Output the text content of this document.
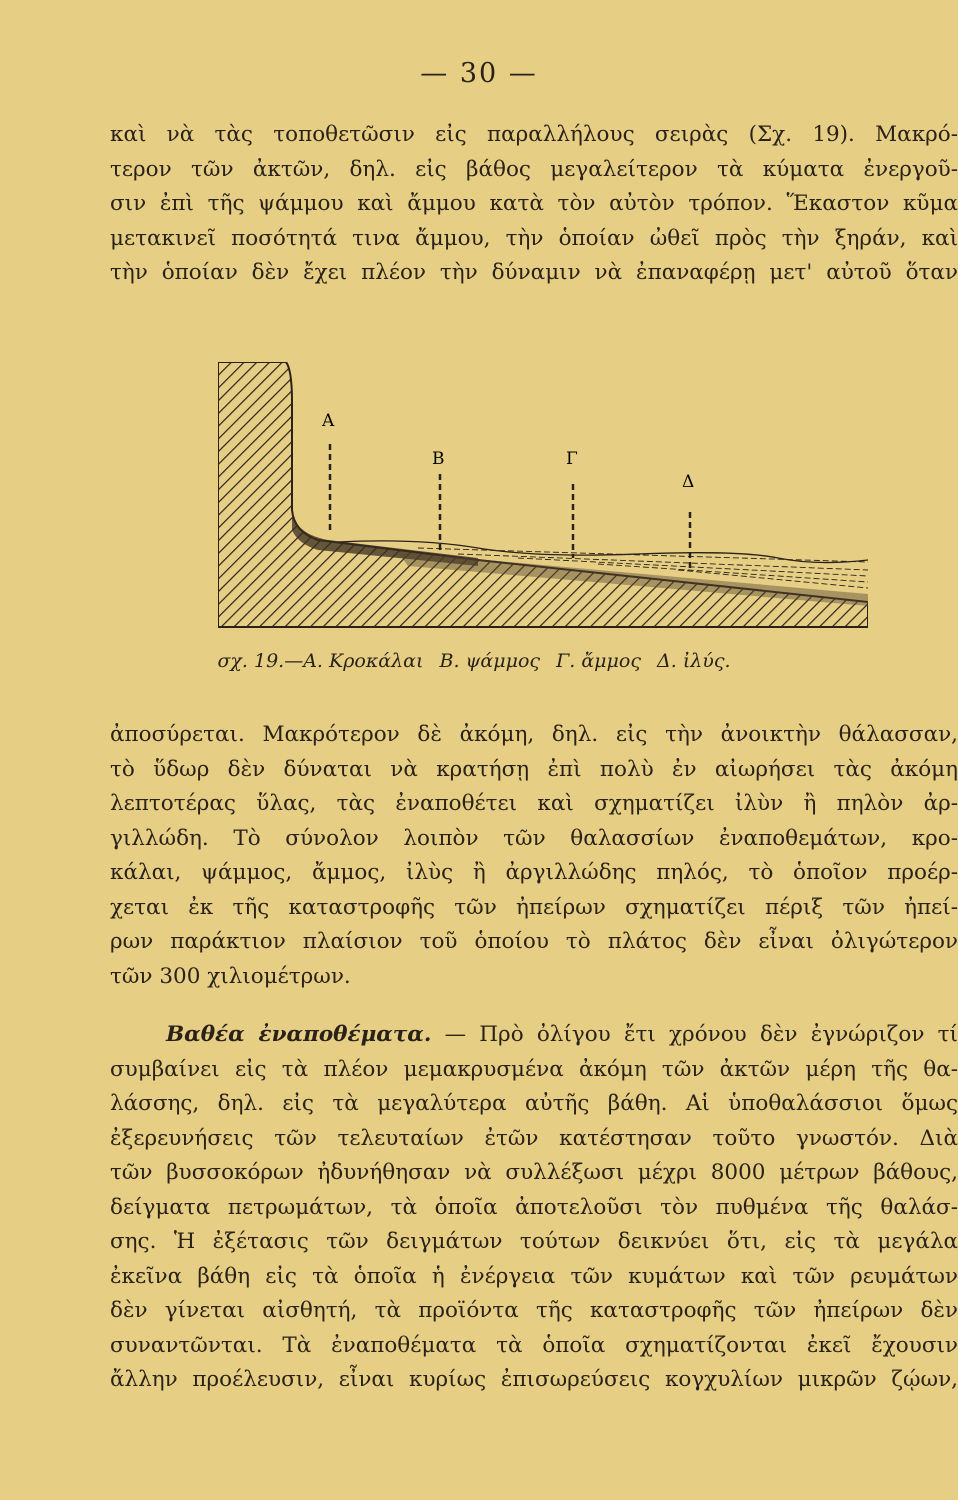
— 30 —
καὶ νὰ τὰς τοποθετῶσιν εἰς παραλλήλους σειρὰς (Σχ. 19). Μακρό-
τερον τῶν ἀκτῶν, δηλ. εἰς βάθος μεγαλείτερον τὰ κύματα ἐνεργοῦ-
σιν ἐπὶ τῆς ψάμμου καὶ ἄμμου κατὰ τὸν αὐτὸν τρόπον. Ἕκαστον κῦμα
μετακινεῖ ποσότητά τινα ἄμμου, τὴν ὁποίαν ὠθεῖ πρὸς τὴν ξηράν, καὶ
τὴν ὁποίαν δὲν ἔχει πλέον τὴν δύναμιν νὰ ἐπαναφέρῃ μετ' αὐτοῦ ὅταν
Α
Β	Γ
Δ
σχ. 19.—Α. Κροκάλαι Β. ψάμμος Γ. ἄμμος Δ. ἰλύς.
ἀποσύρεται. Μακρότερον δὲ ἀκόμη, δηλ. εἰς τὴν ἀνοικτὴν θάλασσαν,
τὸ ὕδωρ δὲν δύναται νὰ κρατήσῃ ἐπὶ πολὺ ἐν αἰωρήσει τὰς ἀκόμη
λεπτοτέρας ὕλας, τὰς ἐναποθέτει καὶ σχηματίζει ἰλὺν ἢ πηλὸν ἀρ-
γιλλώδη. Τὸ σύνολον λοιπὸν τῶν θαλασσίων ἐναποθεμάτων, κρο-
κάλαι, ψάμμος, ἄμμος, ἰλὺς ἢ ἀργιλλώδης πηλός, τὸ ὁποῖον προέρ-
χεται ἐκ τῆς καταστροφῆς τῶν ἠπείρων σχηματίζει πέριξ τῶν ἠπεί-
ρων παράκτιον πλαίσιον τοῦ ὁποίου τὸ πλάτος δὲν εἶναι ὀλιγώτερον
τῶν 300 χιλιομέτρων.
Βαθέα ἐναποθέματα. — Πρὸ ὀλίγου ἔτι χρόνου δὲν ἐγνώριζον τί
συμβαίνει εἰς τὰ πλέον μεμακρυσμένα ἀκόμη τῶν ἀκτῶν μέρη τῆς θα-
λάσσης, δηλ. εἰς τὰ μεγαλύτερα αὐτῆς βάθη. Αἱ ὑποθαλάσσιοι ὅμως
ἐξερευνήσεις τῶν τελευταίων ἐτῶν κατέστησαν τοῦτο γνωστόν. Διὰ
τῶν βυσσοκόρων ἠδυνήθησαν νὰ συλλέξωσι μέχρι 8000 μέτρων βάθους,
δείγματα πετρωμάτων, τὰ ὁποῖα ἀποτελοῦσι τὸν πυθμένα τῆς θαλάσ-
σης. Ἡ ἐξέτασις τῶν δειγμάτων τούτων δεικνύει ὅτι, εἰς τὰ μεγάλα
ἐκεῖνα βάθη εἰς τὰ ὁποῖα ἡ ἐνέργεια τῶν κυμάτων καὶ τῶν ρευμάτων
δὲν γίνεται αἰσθητή, τὰ προϊόντα τῆς καταστροφῆς τῶν ἠπείρων δὲν
συναντῶνται. Τὰ ἐναποθέματα τὰ ὁποῖα σχηματίζονται ἐκεῖ ἔχουσιν
ἄλλην προέλευσιν, εἶναι κυρίως ἐπισωρεύσεις κογχυλίων μικρῶν ζῴων,
